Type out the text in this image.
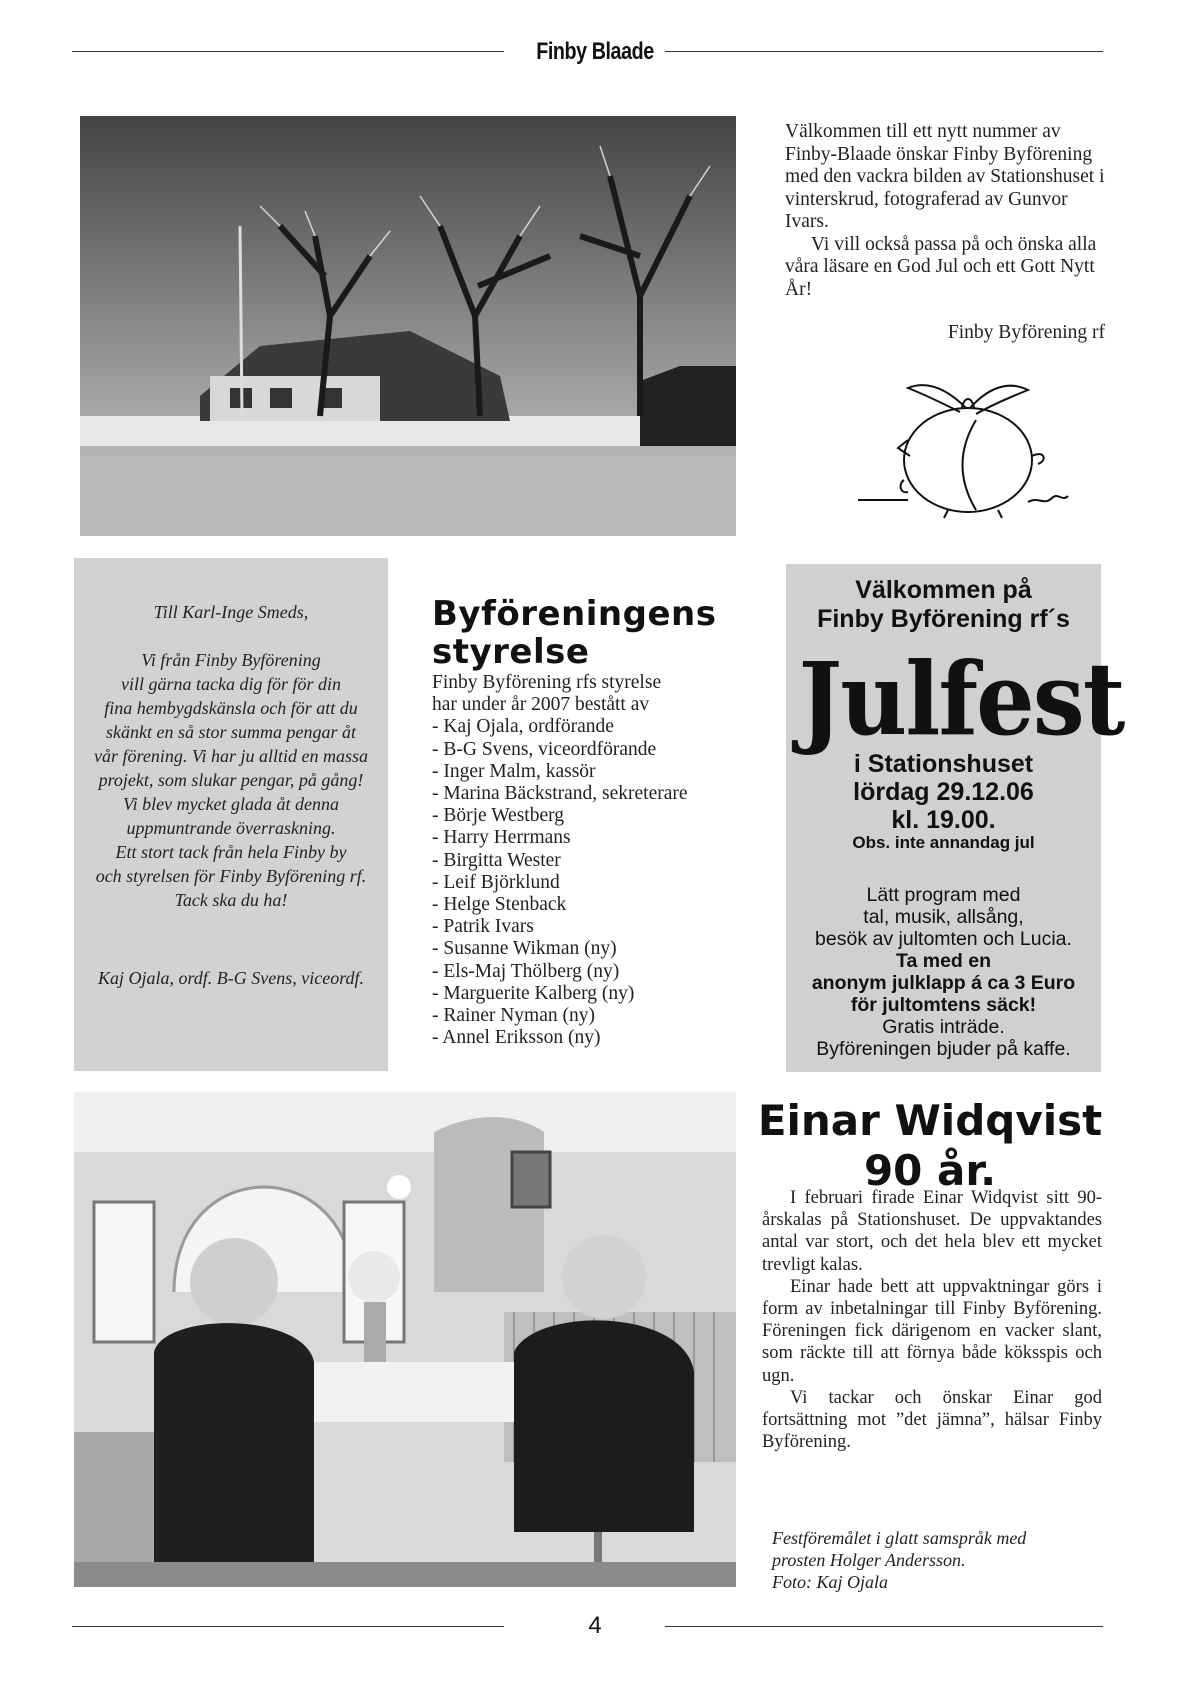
Finby Blaade

Välkommen till ett nytt nummer av Finby-Blaade önskar Finby Byförening med den vackra bilden av Stationshuset i vinterskrud, fotograferad av Gunvor Ivars.

Vi vill också passa på och önska alla våra läsare en God Jul och ett Gott Nytt År!

Finby Byförening rf

Till Karl-Inge Smeds,

Vi från Finby Byförening

vill gärna tacka dig för för din

fina hembygdskänsla och för att du

skänkt en så stor summa pengar åt

vår förening. Vi har ju alltid en massa

projekt, som slukar pengar, på gång!

Vi blev mycket glada åt denna

uppmuntrande överraskning.

Ett stort tack från hela Finby by

och styrelsen för Finby Byförening rf.

Tack ska du ha!

Kaj Ojala, ordf. B-G Svens, viceordf.

Byföreningens
styrelse
Finby Byförening rfs styrelse
har under år 2007 bestått av
- Kaj Ojala, ordförande
- B-G Svens, viceordförande
- Inger Malm, kassör
- Marina Bäckstrand, sekreterare
- Börje Westberg
- Harry Herrmans
- Birgitta Wester
- Leif Björklund
- Helge Stenback
- Patrik Ivars
- Susanne Wikman (ny)
- Els-Maj Thölberg (ny)
- Marguerite Kalberg (ny)
- Rainer Nyman (ny)
- Annel Eriksson (ny)
Välkommen på
Finby Byförening rf´s
Julfest
i Stationshuset
lördag 29.12.06
kl. 19.00.
Obs. inte annandag jul
Lätt program med
tal, musik, allsång,
besök av jultomten och Lucia.
Ta med en
anonym julklapp á ca 3 Euro
för jultomtens säck!
Gratis inträde.
Byföreningen bjuder på kaffe.
Einar Widqvist
90 år.

I februari firade Einar Widqvist sitt 90-årskalas på Stationshuset. De uppvaktandes antal var stort, och det hela blev ett mycket trevligt kalas.

Einar hade bett att uppvaktningar görs i form av inbetalningar till Finby Byförening. Föreningen fick därigenom en vacker slant, som räckte till att förnya både köksspis och ugn.

Vi tackar och önskar Einar god fortsättning mot ”det jämna”, hälsar Finby Byförening.

Festföremålet i glatt samspråk med

prosten Holger Andersson.

Foto: Kaj Ojala

4
